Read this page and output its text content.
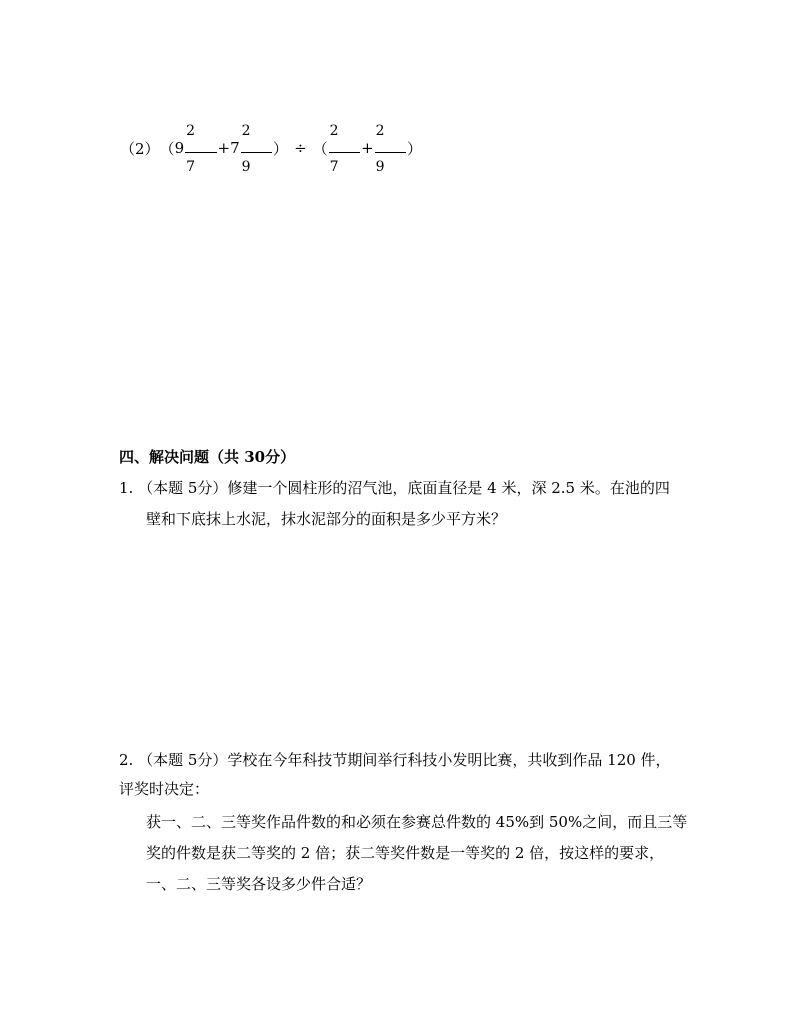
（2） （ $9 \frac{2}{7} + 7 \frac{2}{9}$ ） ÷ （ $\frac{2}{7} + \frac{2}{9}$ ）
四、解决问题（共 30分）
1. （本题 5分）修建一个圆柱形的沼气池，底面直径是 4 米，深 2.5 米。在池的四
壁和下底抹上水泥，抹水泥部分的面积是多少平方米？
2. （本题 5分）学校在今年科技节期间举行科技小发明比赛，共收到作品 120 件，
评奖时决定：
获一、二、三等奖作品件数的和必须在参赛总件数的 45%到 50%之间，而且三等
奖的件数是获二等奖的 2 倍；获二等奖件数是一等奖的 2 倍，按这样的要求，
一、二、三等奖各设多少件合适？
